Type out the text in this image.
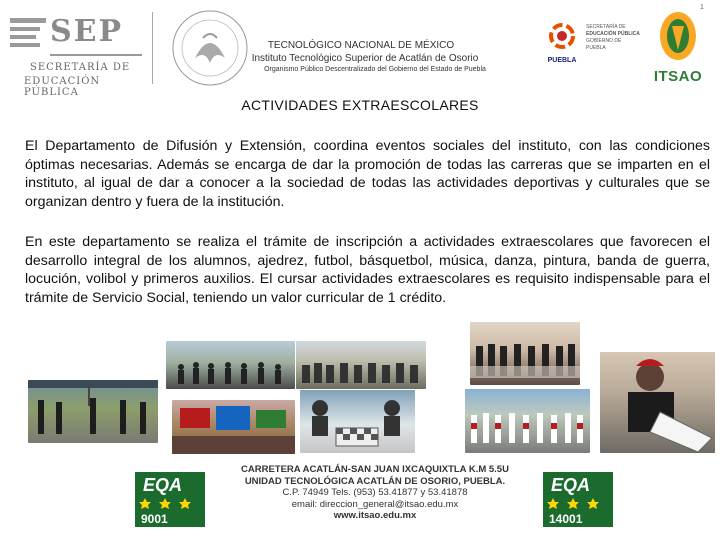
SEP
SECRETARÍA DE
EDUCACIÓN PÚBLICA
TECNOLÓGICO NACIONAL DE MÉXICO
Instituto Tecnológico Superior de Acatlán de Osorio
Organismo Público Descentralizado del Gobierno del Estado de Puebla
PUEBLA
SECRETARÍA DE
EDUCACIÓN PÚBLICA
GOBIERNO DE PUEBLA
ITSAO
1
ACTIVIDADES EXTRAESCOLARES
El Departamento de Difusión y Extensión, coordina eventos sociales del instituto, con las condiciones óptimas necesarias. Además se encarga de dar la promoción de todas las carreras que se imparten en el instituto, al igual de dar a conocer a la sociedad de todas las actividades deportivas y culturales que se organizan dentro y fuera de la institución.
En este departamento se realiza el trámite de inscripción a actividades extraescolares que favorecen el desarrollo integral de los alumnos, ajedrez, futbol, básquetbol, música, danza, pintura, banda de guerra, locución, volibol y primeros auxilios. El cursar actividades extraescolares es requisito indispensable para el trámite de Servicio Social, teniendo un valor curricular de 1 crédito.
EQA
9001
CARRETERA ACATLÁN-SAN JUAN IXCAQUIXTLA K.M 5.5U
UNIDAD TECNOLÓGICA ACATLÁN DE OSORIO, PUEBLA.
C.P. 74949 Tels. (953) 53.41877 y 53.41878
email: direccion_general@itsao.edu.mx
www.itsao.edu.mx
EQA
14001
